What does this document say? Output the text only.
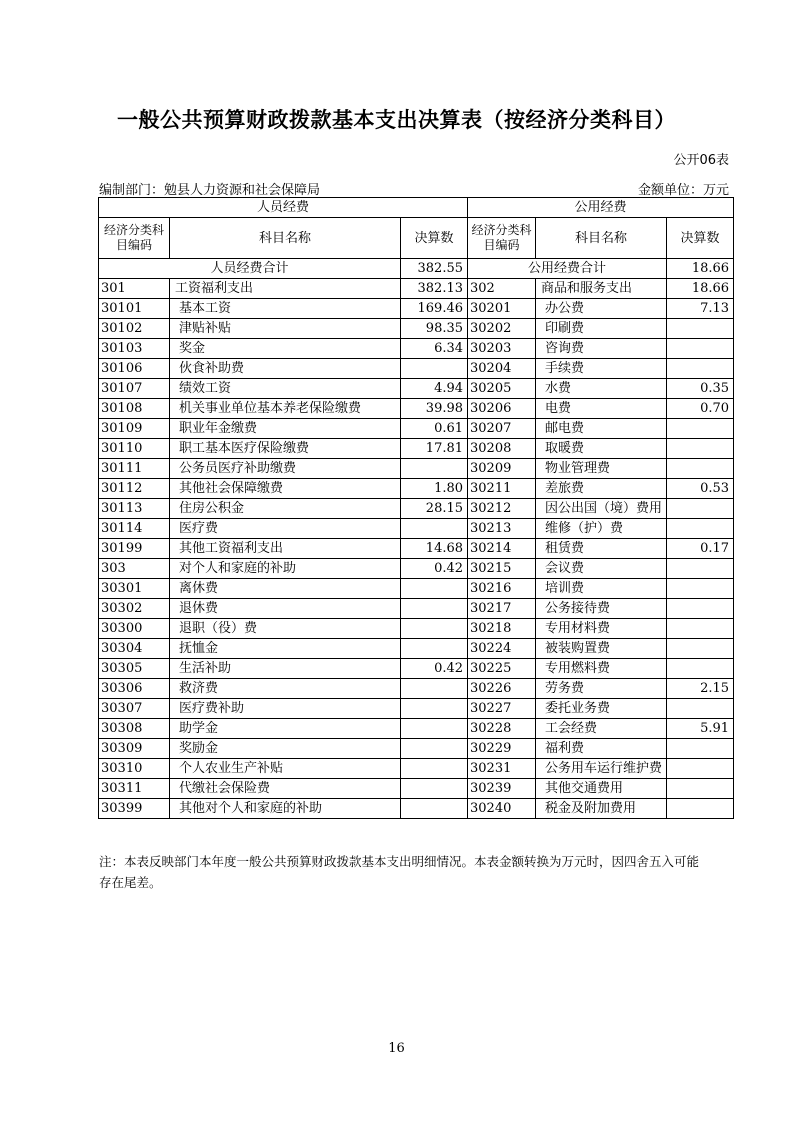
一般公共预算财政拨款基本支出决算表（按经济分类科目）
公开06表
编制部门：勉县人力资源和社会保障局	金额单位：万元
人员经费			公用经费		
经济分类科目编码	科目名称	决算数	经济分类科目编码	科目名称	决算数
人员经费合计		382.55	公用经费合计		18.66
301	工资福利支出	382.13	302	商品和服务支出	18.66
30101	基本工资	169.46	30201	办公费	7.13
30102	津贴补贴	98.35	30202	印刷费	
30103	奖金	6.34	30203	咨询费	
30106	伙食补助费		30204	手续费	
30107	绩效工资	4.94	30205	水费	0.35
30108	机关事业单位基本养老保险缴费	39.98	30206	电费	0.70
30109	职业年金缴费	0.61	30207	邮电费	
30110	职工基本医疗保险缴费	17.81	30208	取暖费	
30111	公务员医疗补助缴费		30209	物业管理费	
30112	其他社会保障缴费	1.80	30211	差旅费	0.53
30113	住房公积金	28.15	30212	因公出国（境）费用	
30114	医疗费		30213	维修（护）费	
30199	其他工资福利支出	14.68	30214	租赁费	0.17
303	对个人和家庭的补助	0.42	30215	会议费	
30301	离休费		30216	培训费	
30302	退休费		30217	公务接待费	
30300	退职（役）费		30218	专用材料费	
30304	抚恤金		30224	被装购置费	
30305	生活补助	0.42	30225	专用燃料费	
30306	救济费		30226	劳务费	2.15
30307	医疗费补助		30227	委托业务费	
30308	助学金		30228	工会经费	5.91
30309	奖励金		30229	福利费	
30310	个人农业生产补贴		30231	公务用车运行维护费	
30311	代缴社会保险费		30239	其他交通费用	
30399	其他对个人和家庭的补助		30240	税金及附加费用	
注：本表反映部门本年度一般公共预算财政拨款基本支出明细情况。本表金额转换为万元时，因四舍五入可能存在尾差。
16
